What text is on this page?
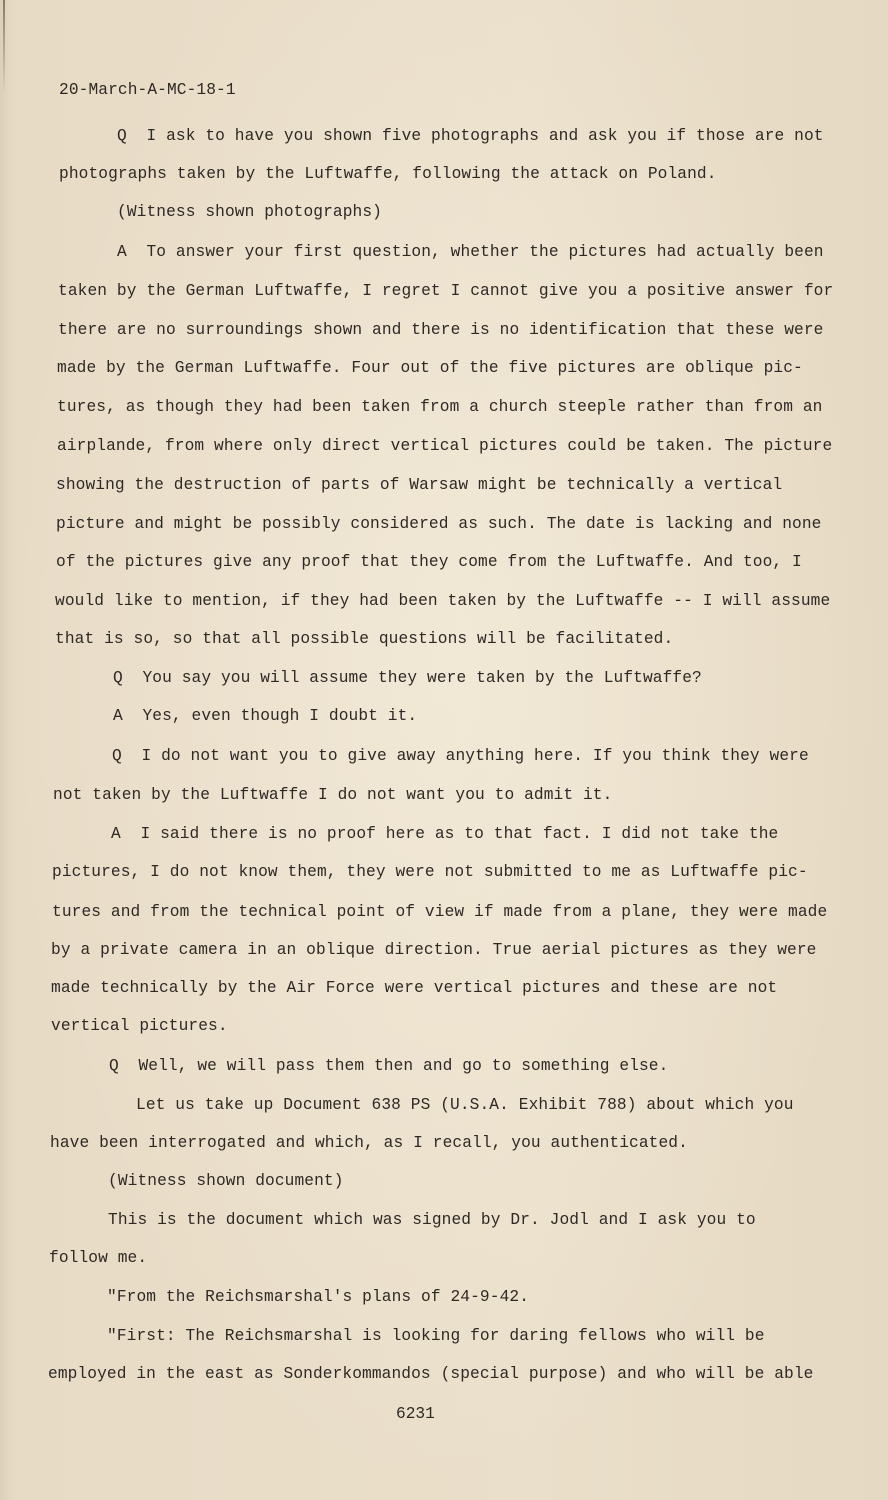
20-March-A-MC-18-1
Q  I ask to have you shown five photographs and ask you if those are not
photographs taken by the Luftwaffe, following the attack on Poland.
(Witness shown photographs)
A  To answer your first question, whether the pictures had actually been
taken by the German Luftwaffe, I regret I cannot give you a positive answer for
there are no surroundings shown and there is no identification that these were
made by the German Luftwaffe. Four out of the five pictures are oblique pic-
tures, as though they had been taken from a church steeple rather than from an
airplande, from where only direct vertical pictures could be taken. The picture
showing the destruction of parts of Warsaw might be technically a vertical
picture and might be possibly considered as such. The date is lacking and none
of the pictures give any proof that they come from the Luftwaffe. And too, I
would like to mention, if they had been taken by the Luftwaffe -- I will assume
that is so, so that all possible questions will be facilitated.
Q  You say you will assume they were taken by the Luftwaffe?
A  Yes, even though I doubt it.
Q  I do not want you to give away anything here. If you think they were
not taken by the Luftwaffe I do not want you to admit it.
A  I said there is no proof here as to that fact. I did not take the
pictures, I do not know them, they were not submitted to me as Luftwaffe pic-
tures and from the technical point of view if made from a plane, they were made
by a private camera in an oblique direction. True aerial pictures as they were
made technically by the Air Force were vertical pictures and these are not
vertical pictures.
Q  Well, we will pass them then and go to something else.
Let us take up Document 638 PS (U.S.A. Exhibit 788) about which you
have been interrogated and which, as I recall, you authenticated.
(Witness shown document)
This is the document which was signed by Dr. Jodl and I ask you to
follow me.
"From the Reichsmarshal's plans of 24-9-42.
"First: The Reichsmarshal is looking for daring fellows who will be
employed in the east as Sonderkommandos (special purpose) and who will be able
6231
